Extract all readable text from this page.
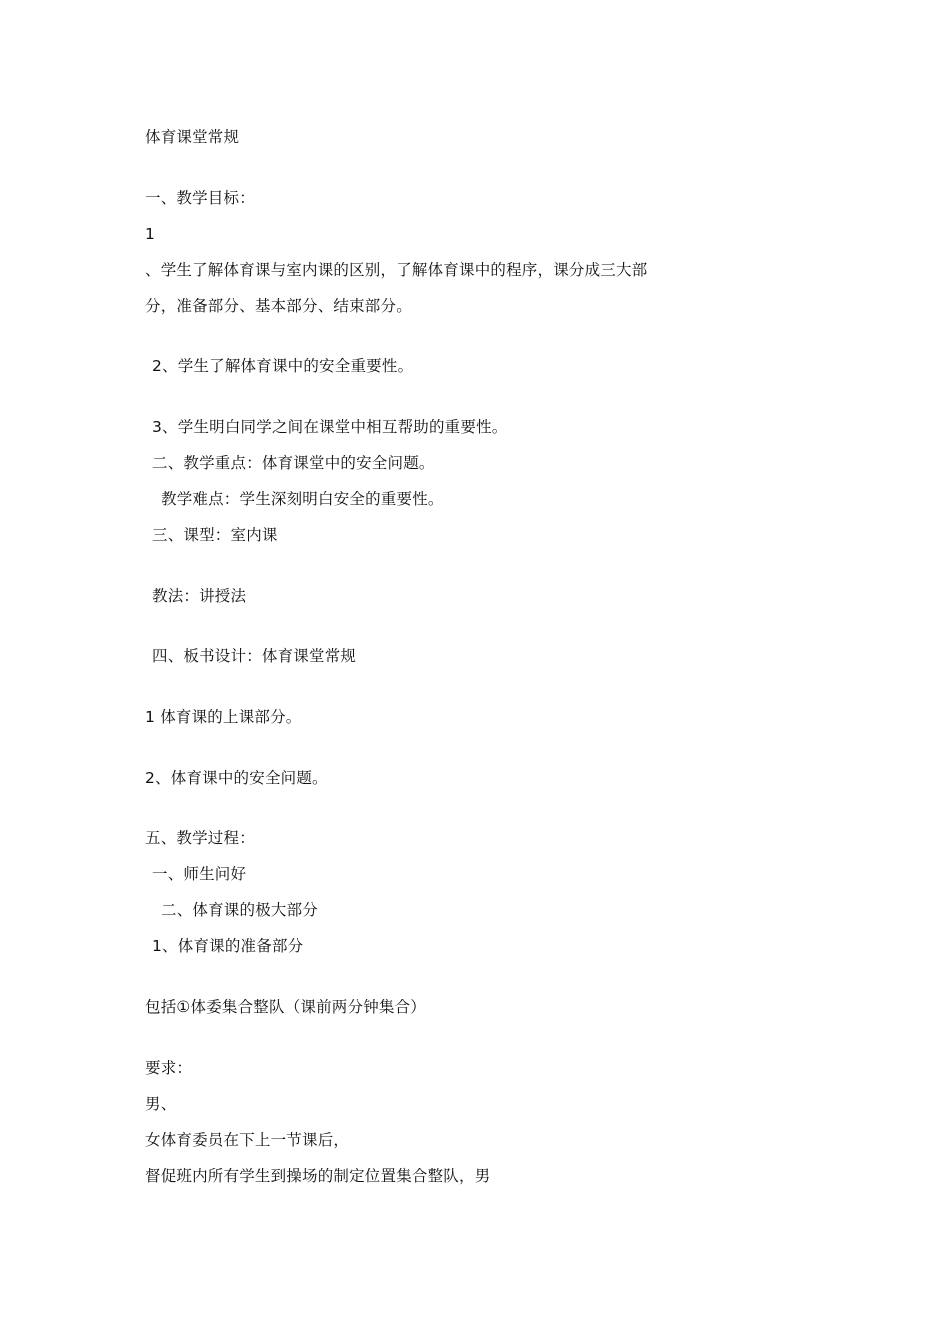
体育课堂常规
一、教学目标：
1
、学生了解体育课与室内课的区别，了解体育课中的程序，课分成三大部
分，准备部分、基本部分、结束部分。
2、学生了解体育课中的安全重要性。
3、学生明白同学之间在课堂中相互帮助的重要性。
二、教学重点：体育课堂中的安全问题。
教学难点：学生深刻明白安全的重要性。
三、课型：室内课
教法：讲授法
四、板书设计：体育课堂常规
1 体育课的上课部分。
2、体育课中的安全问题。
五、教学过程：
一、师生问好
二、体育课的极大部分
1、体育课的准备部分
包括①体委集合整队（课前两分钟集合）
要求：
男、
女体育委员在下上一节课后，
督促班内所有学生到操场的制定位置集合整队，男
